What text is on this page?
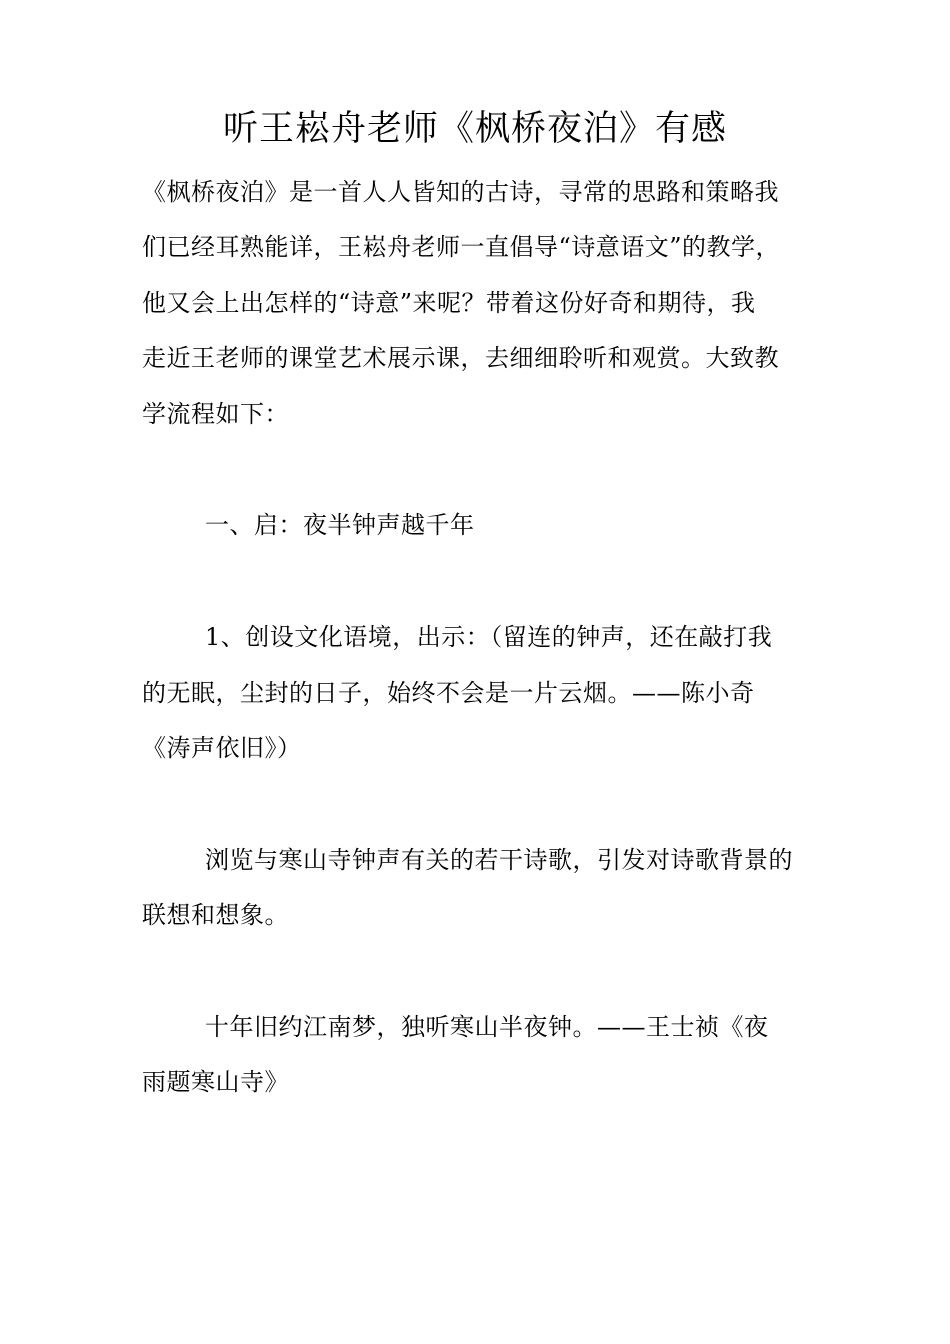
听王崧舟老师《枫桥夜泊》有感
《枫桥夜泊》是一首人人皆知的古诗，寻常的思路和策略我
们已经耳熟能详，王崧舟老师一直倡导“诗意语文”的教学，
他又会上出怎样的“诗意”来呢？带着这份好奇和期待，我
走近王老师的课堂艺术展示课，去细细聆听和观赏。大致教
学流程如下：
一、启：夜半钟声越千年
1、创设文化语境，出示：（留连的钟声，还在敲打我
的无眠，尘封的日子，始终不会是一片云烟。——陈小奇
《涛声依旧》）
浏览与寒山寺钟声有关的若干诗歌，引发对诗歌背景的
联想和想象。
十年旧约江南梦，独听寒山半夜钟。——王士祯《夜
雨题寒山寺》
